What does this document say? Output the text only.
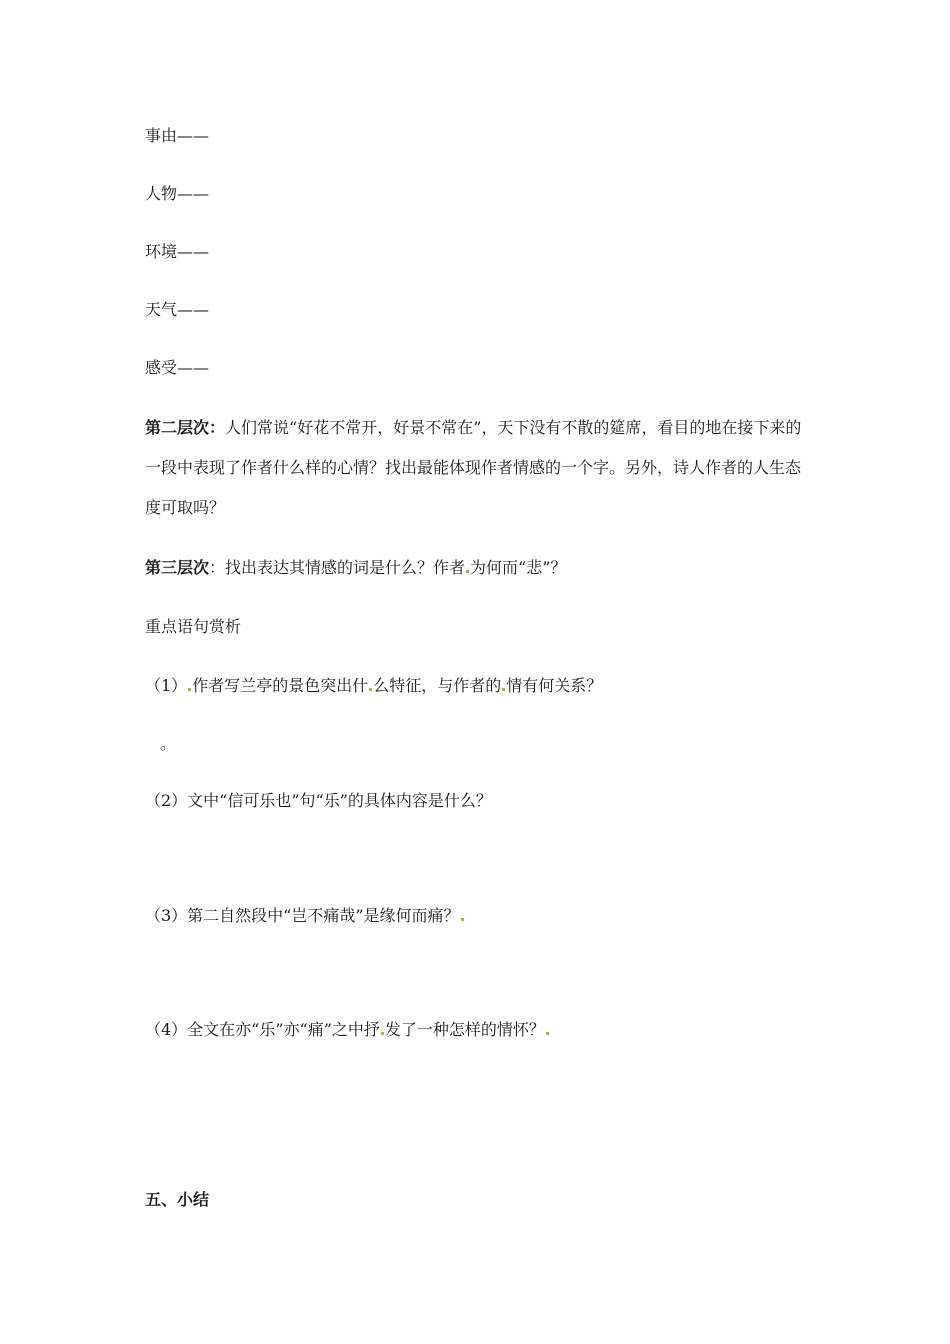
事由——
人物——
环境——
天气——
感受——
第二层次：人们常说“好花不常开，好景不常在”，天下没有不散的筵席，看目的地在接下来的一段中表现了作者什么样的心情？找出最能体现作者情感的一个字。另外，诗人作者的人生态度可取吗？
第三层次：找出表达其情感的词是什么？作者 为何而“悲”？
重点语句赏析
（1） 作者写兰亭的景色突出什 么特征，与作者的 情有何关系？
。
（2）文中“信可乐也”句“乐”的具体内容是什么？
（3）第二自然段中“岂不痛哉”是缘何而痛？
（4）全文在亦“乐”亦“痛”之中抒 发了一种怎样的情怀？
五、小结
